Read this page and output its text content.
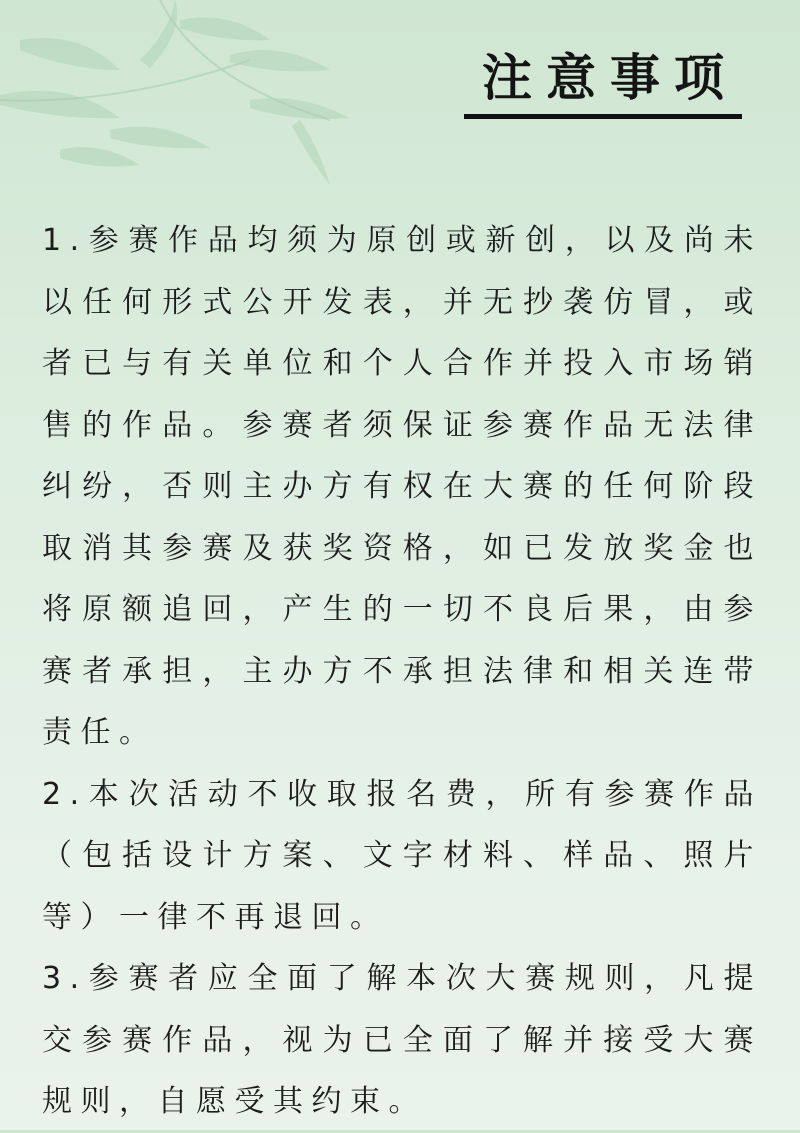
注意事项

1.参赛作品均须为原创或新创，以及尚未以任何形式公开发表，并无抄袭仿冒，或者已与有关单位和个人合作并投入市场销售的作品。参赛者须保证参赛作品无法律纠纷，否则主办方有权在大赛的任何阶段取消其参赛及获奖资格，如已发放奖金也将原额追回，产生的一切不良后果，由参赛者承担，主办方不承担法律和相关连带责任。

2.本次活动不收取报名费，所有参赛作品（包括设计方案、文字材料、样品、照片等）一律不再退回。

3.参赛者应全面了解本次大赛规则，凡提交参赛作品，视为已全面了解并接受大赛规则，自愿受其约束。
